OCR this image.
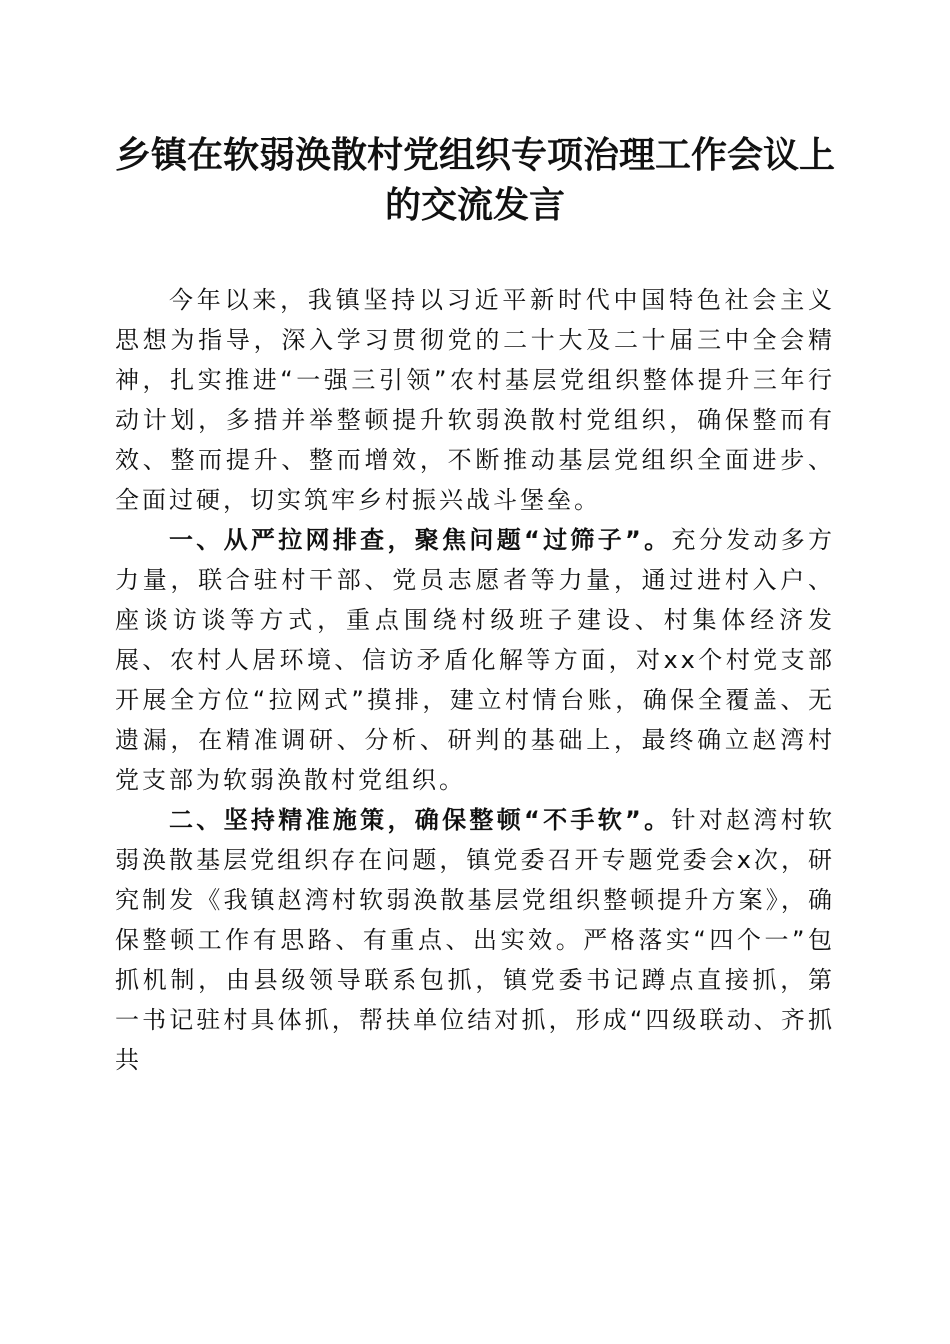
乡镇在软弱涣散村党组织专项治理工作会议上
的交流发言

今年以来，我镇坚持以习近平新时代中国特色社会主义思想为指导，深入学习贯彻党的二十大及二十届三中全会精神，扎实推进“一强三引领”农村基层党组织整体提升三年行动计划，多措并举整顿提升软弱涣散村党组织，确保整而有效、整而提升、整而增效，不断推动基层党组织全面进步、全面过硬，切实筑牢乡村振兴战斗堡垒。

一、从严拉网排查，聚焦问题“过筛子”。充分发动多方力量，联合驻村干部、党员志愿者等力量，通过进村入户、座谈访谈等方式，重点围绕村级班子建设、村集体经济发展、农村人居环境、信访矛盾化解等方面，对xx个村党支部开展全方位“拉网式”摸排，建立村情台账，确保全覆盖、无遗漏，在精准调研、分析、研判的基础上，最终确立赵湾村党支部为软弱涣散村党组织。

二、坚持精准施策，确保整顿“不手软”。针对赵湾村软弱涣散基层党组织存在问题，镇党委召开专题党委会x次，研究制发《我镇赵湾村软弱涣散基层党组织整顿提升方案》，确保整顿工作有思路、有重点、出实效。严格落实“四个一”包抓机制，由县级领导联系包抓，镇党委书记蹲点直接抓，第一书记驻村具体抓，帮扶单位结对抓，形成“四级联动、齐抓共
